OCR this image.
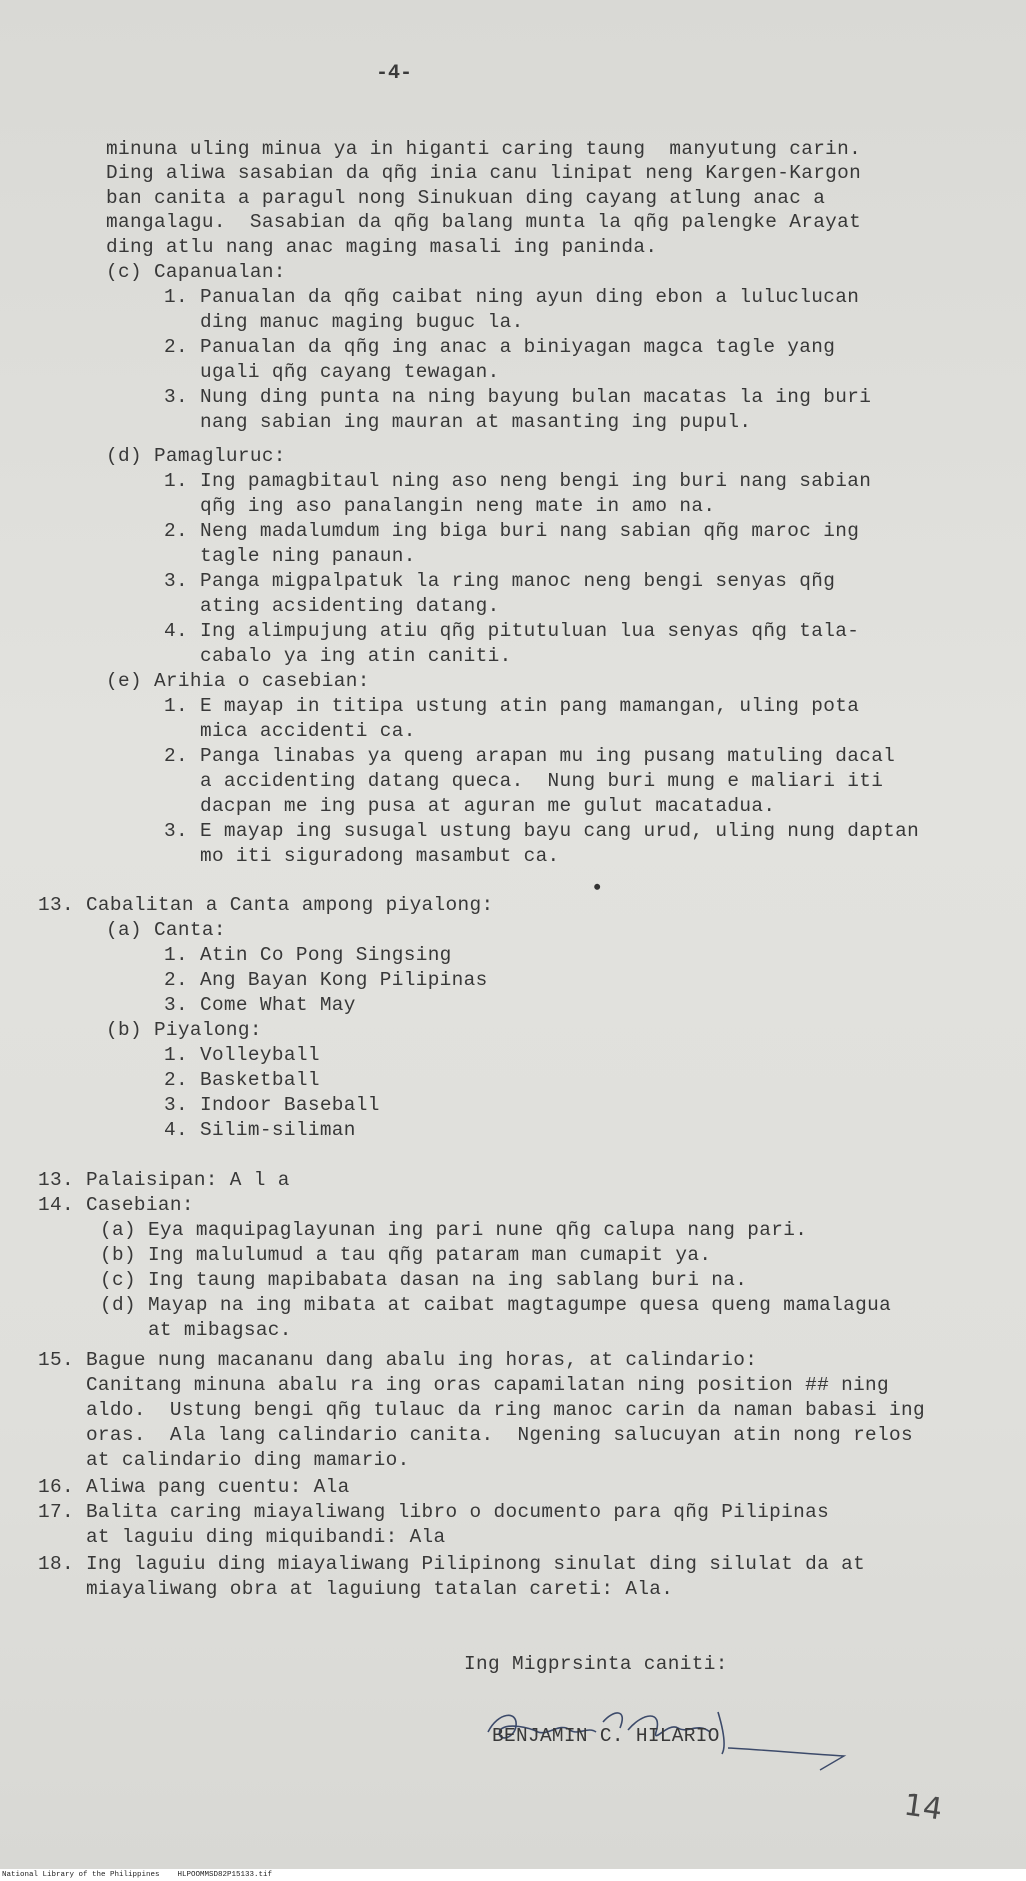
-4-
minuna uling minua ya in higanti caring taung  manyutung carin.
Ding aliwa sasabian da qñg inia canu linipat neng Kargen-Kargon
ban canita a paragul nong Sinukuan ding cayang atlung anac a
mangalagu.  Sasabian da qñg balang munta la qñg palengke Arayat
ding atlu nang anac maging masali ing paninda.
(c) Capanualan:
1. Panualan da qñg caibat ning ayun ding ebon a luluclucan
ding manuc maging buguc la.
2. Panualan da qñg ing anac a biniyagan magca tagle yang
ugali qñg cayang tewagan.
3. Nung ding punta na ning bayung bulan macatas la ing buri
nang sabian ing mauran at masanting ing pupul.
(d) Pamagluruc:
1. Ing pamagbitaul ning aso neng bengi ing buri nang sabian
qñg ing aso panalangin neng mate in amo na.
2. Neng madalumdum ing biga buri nang sabian qñg maroc ing
tagle ning panaun.
3. Panga migpalpatuk la ring manoc neng bengi senyas qñg
ating acsidenting datang.
4. Ing alimpujung atiu qñg pitutuluan lua senyas qñg tala-
cabalo ya ing atin caniti.
(e) Arihia o casebian:
1. E mayap in titipa ustung atin pang mamangan, uling pota
mica accidenti ca.
2. Panga linabas ya queng arapan mu ing pusang matuling dacal
a accidenting datang queca.  Nung buri mung e maliari iti
dacpan me ing pusa at aguran me gulut macatadua.
3. E mayap ing susugal ustung bayu cang urud, uling nung daptan
mo iti siguradong masambut ca.
•
13. Cabalitan a Canta ampong piyalong:
(a) Canta:
1. Atin Co Pong Singsing
2. Ang Bayan Kong Pilipinas
3. Come What May
(b) Piyalong:
1. Volleyball
2. Basketball
3. Indoor Baseball
4. Silim-siliman
13. Palaisipan: A l a
14. Casebian:
(a) Eya maquipaglayunan ing pari nune qñg calupa nang pari.
(b) Ing malulumud a tau qñg pataram man cumapit ya.
(c) Ing taung mapibabata dasan na ing sablang buri na.
(d) Mayap na ing mibata at caibat magtagumpe quesa queng mamalagua
at mibagsac.
15. Bague nung macananu dang abalu ing horas, at calindario:
Canitang minuna abalu ra ing oras capamilatan ning position ## ning
aldo.  Ustung bengi qñg tulauc da ring manoc carin da naman babasi ing
oras.  Ala lang calindario canita.  Ngening salucuyan atin nong relos
at calindario ding mamario.
16. Aliwa pang cuentu: Ala
17. Balita caring miayaliwang libro o documento para qñg Pilipinas
at laguiu ding miquibandi: Ala
18. Ing laguiu ding miayaliwang Pilipinong sinulat ding silulat da at
miayaliwang obra at laguiung tatalan careti: Ala.
Ing Migprsinta caniti:
BENJAMIN C. HILARIO
14
National Library of the Philippines    HLPOOMMSD82P15133.tif
